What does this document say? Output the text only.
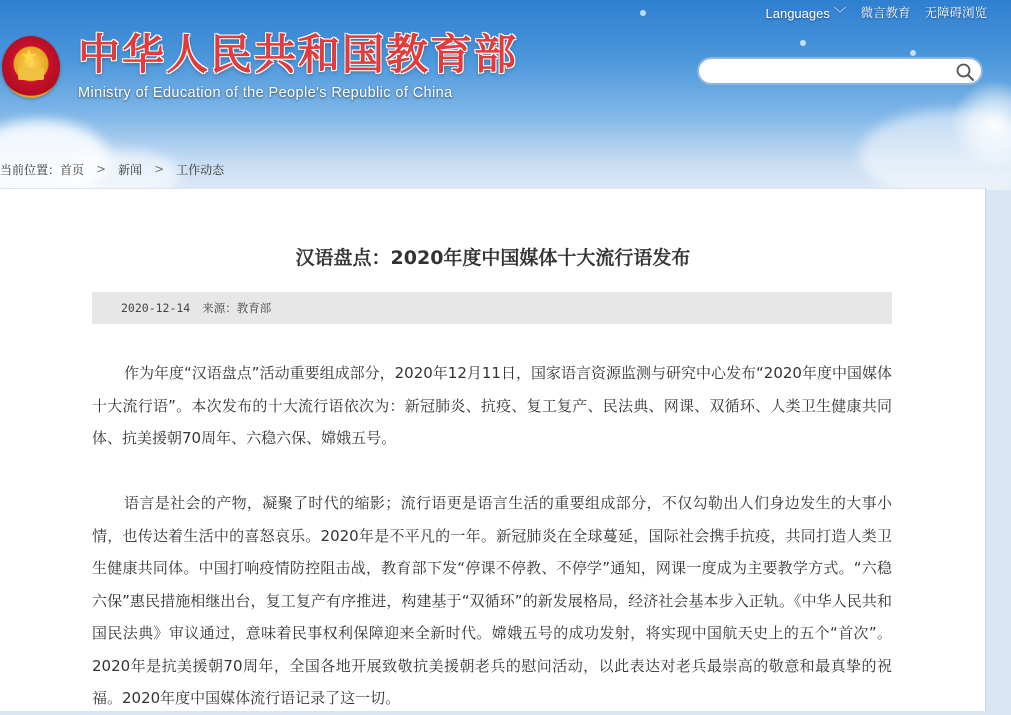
★ 中华人民共和国教育部
Ministry of Education of the People's Republic of China
Languages ﹀ 微言教育 无障碍浏览
当前位置： 首页 > 新闻 > 工作动态
汉语盘点：2020年度中国媒体十大流行语发布
2020-12-14 来源：教育部

作为年度“汉语盘点”活动重要组成部分，2020年12月11日，国家语言资源监测与研究中心发布“2020年度中国媒体十大流行语”。本次发布的十大流行语依次为：新冠肺炎、抗疫、复工复产、民法典、网课、双循环、人类卫生健康共同体、抗美援朝70周年、六稳六保、嫦娥五号。

语言是社会的产物，凝聚了时代的缩影；流行语更是语言生活的重要组成部分，不仅勾勒出人们身边发生的大事小情，也传达着生活中的喜怒哀乐。2020年是不平凡的一年。新冠肺炎在全球蔓延，国际社会携手抗疫，共同打造人类卫生健康共同体。中国打响疫情防控阻击战，教育部下发“停课不停教、不停学”通知，网课一度成为主要教学方式。“六稳六保”惠民措施相继出台，复工复产有序推进，构建基于“双循环”的新发展格局，经济社会基本步入正轨。《中华人民共和国民法典》审议通过，意味着民事权利保障迎来全新时代。嫦娥五号的成功发射，将实现中国航天史上的五个“首次”。2020年是抗美援朝70周年，全国各地开展致敬抗美援朝老兵的慰问活动，以此表达对老兵最崇高的敬意和最真挚的祝福。2020年度中国媒体流行语记录了这一切。
